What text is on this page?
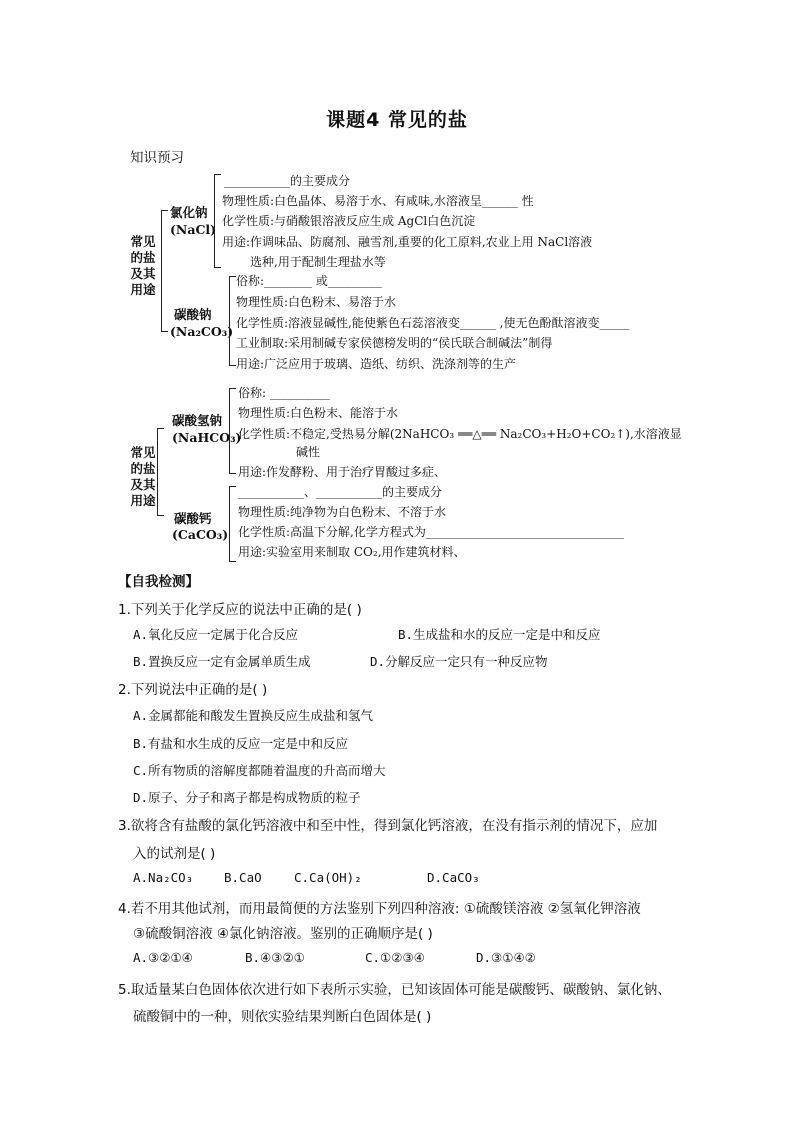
课题4 常见的盐
知识预习
常见
的盐
及其
用途
氯化钠
(NaCl)
___________的主要成分
物理性质:白色晶体、易溶于水、有咸味,水溶液呈______ 性
化学性质:与硝酸银溶液反应生成 AgCl白色沉淀
用途:作调味品、防腐剂、融雪剂,重要的化工原料,农业上用 NaCl溶液
选种,用于配制生理盐水等
碳酸钠
(Na₂CO₃)
俗称:________ 或_________
物理性质:白色粉末、易溶于水
化学性质:溶液显碱性,能使紫色石蕊溶液变______ ,使无色酚酞溶液变_____
工业制取:采用制碱专家侯德榜发明的“侯氏联合制碱法”制得
用途:广泛应用于玻璃、造纸、纺织、洗涤剂等的生产
常见
的盐
及其
用途
碳酸氢钠
(NaHCO₃)
俗称: __________
物理性质:白色粉末、能溶于水
化学性质:不稳定,受热易分解(2NaHCO₃ ══△══ Na₂CO₃+H₂O+CO₂↑),水溶液显
碱性
用途:作发酵粉、用于治疗胃酸过多症、
碳酸钙
(CaCO₃)
___________、___________的主要成分
物理性质:纯净物为白色粉末、不溶于水
化学性质:高温下分解,化学方程式为_________________________________
用途:实验室用来制取 CO₂,用作建筑材料、
【自我检测】
1.下列关于化学反应的说法中正确的是( )
A.氧化反应一定属于化合反应	B.生成盐和水的反应一定是中和反应
B.置换反应一定有金属单质生成	D.分解反应一定只有一种反应物
2.下列说法中正确的是( )
A.金属都能和酸发生置换反应生成盐和氢气
B.有盐和水生成的反应一定是中和反应
C.所有物质的溶解度都随着温度的升高而增大
D.原子、分子和离子都是构成物质的粒子
3.欲将含有盐酸的氯化钙溶液中和至中性，得到氯化钙溶液，在没有指示剂的情况下，应加
入的试剂是( )
A.Na₂CO₃ B.CaO	C.Ca(OH)₂	D.CaCO₃
4.若不用其他试剂，而用最简便的方法鉴别下列四种溶液: ①硫酸镁溶液 ②氢氧化钾溶液
③硫酸铜溶液 ④氯化钠溶液。鉴别的正确顺序是( )
A.③②①④	B.④③②①	C.①②③④	D.③①④②
5.取适量某白色固体依次进行如下表所示实验，已知该固体可能是碳酸钙、碳酸钠、氯化钠、
硫酸铜中的一种，则依实验结果判断白色固体是( )
